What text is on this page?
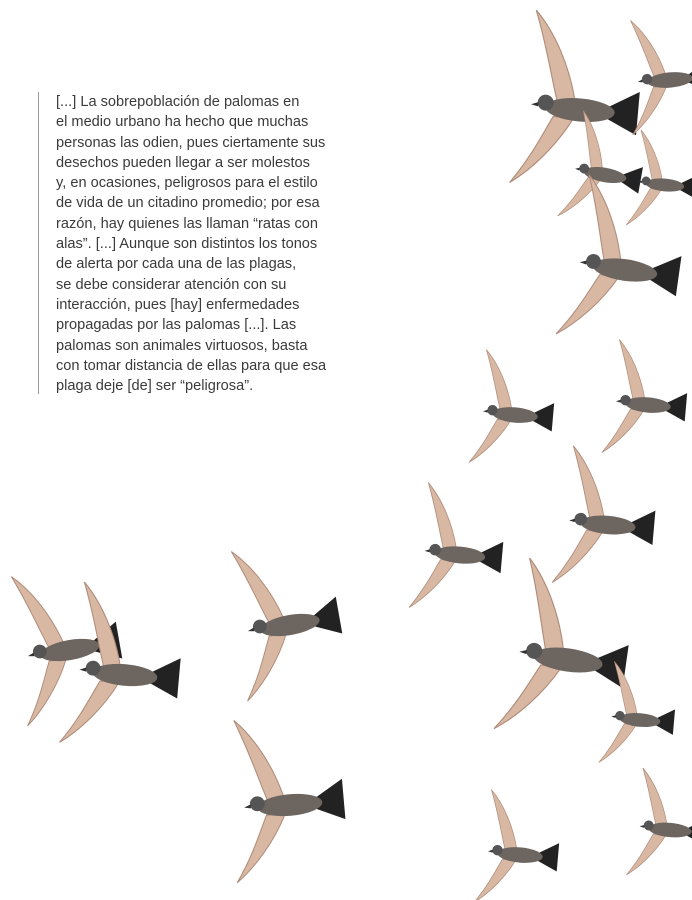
[...] La sobrepoblación de palomas en
el medio urbano ha hecho que muchas
personas las odien, pues ciertamente sus
desechos pueden llegar a ser molestos
y, en ocasiones, peligrosos para el estilo
de vida de un citadino promedio; por esa
razón, hay quienes las llaman “ratas con
alas”. [...] Aunque son distintos los tonos
de alerta por cada una de las plagas,
se debe considerar atención con su
interacción, pues [hay] enfermedades
propagadas por las palomas [...]. Las
palomas son animales virtuosos, basta
con tomar distancia de ellas para que esa
plaga deje [de] ser “peligrosa”.
